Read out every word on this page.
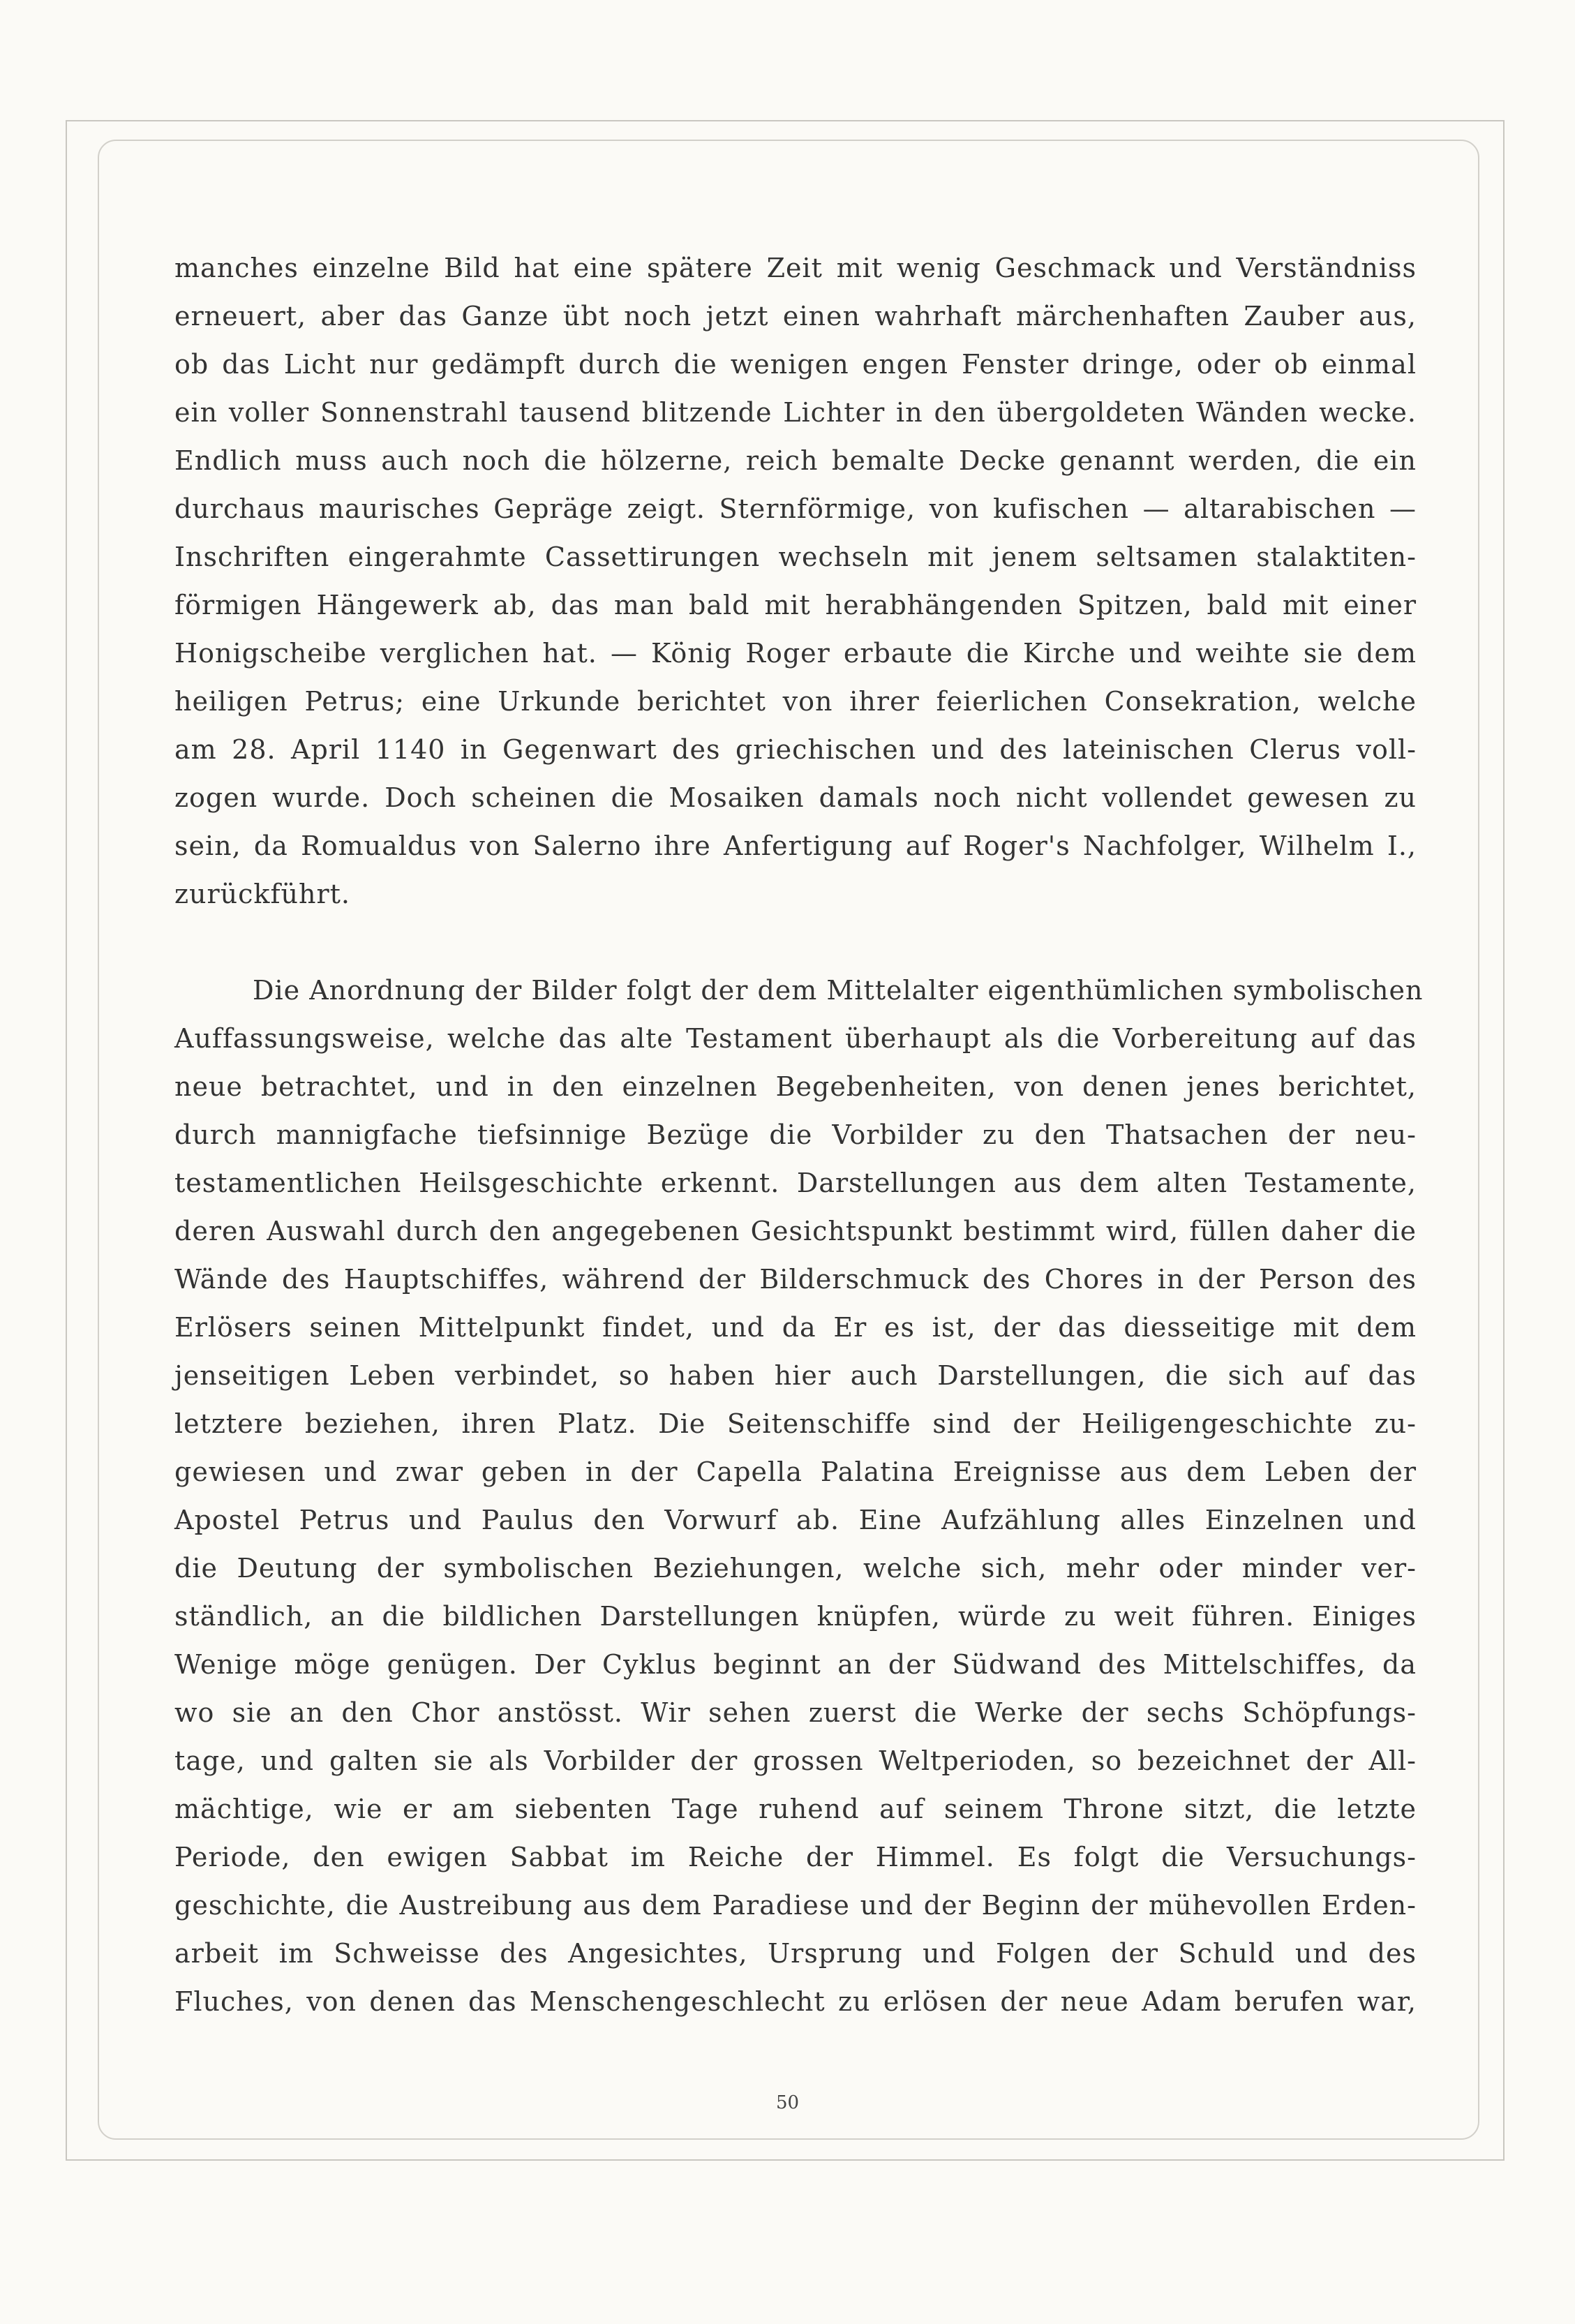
manches einzelne Bild hat eine spätere Zeit mit wenig Geschmack und Verständniss
erneuert, aber das Ganze übt noch jetzt einen wahrhaft märchenhaften Zauber aus,
ob das Licht nur gedämpft durch die wenigen engen Fenster dringe, oder ob einmal
ein voller Sonnenstrahl tausend blitzende Lichter in den übergoldeten Wänden wecke.
Endlich muss auch noch die hölzerne, reich bemalte Decke genannt werden, die ein
durchaus maurisches Gepräge zeigt. Sternförmige, von kufischen — altarabischen —
Inschriften eingerahmte Cassettirungen wechseln mit jenem seltsamen stalaktiten-
förmigen Hängewerk ab, das man bald mit herabhängenden Spitzen, bald mit einer
Honigscheibe verglichen hat. — König Roger erbaute die Kirche und weihte sie dem
heiligen Petrus; eine Urkunde berichtet von ihrer feierlichen Consekration, welche
am 28. April 1140 in Gegenwart des griechischen und des lateinischen Clerus voll-
zogen wurde. Doch scheinen die Mosaiken damals noch nicht vollendet gewesen zu
sein, da Romualdus von Salerno ihre Anfertigung auf Roger's Nachfolger, Wilhelm I.,
zurückführt.
Die Anordnung der Bilder folgt der dem Mittelalter eigenthümlichen symbolischen
Auffassungsweise, welche das alte Testament überhaupt als die Vorbereitung auf das
neue betrachtet, und in den einzelnen Begebenheiten, von denen jenes berichtet,
durch mannigfache tiefsinnige Bezüge die Vorbilder zu den Thatsachen der neu-
testamentlichen Heilsgeschichte erkennt. Darstellungen aus dem alten Testamente,
deren Auswahl durch den angegebenen Gesichtspunkt bestimmt wird, füllen daher die
Wände des Hauptschiffes, während der Bilderschmuck des Chores in der Person des
Erlösers seinen Mittelpunkt findet, und da Er es ist, der das diesseitige mit dem
jenseitigen Leben verbindet, so haben hier auch Darstellungen, die sich auf das
letztere beziehen, ihren Platz. Die Seitenschiffe sind der Heiligengeschichte zu-
gewiesen und zwar geben in der Capella Palatina Ereignisse aus dem Leben der
Apostel Petrus und Paulus den Vorwurf ab. Eine Aufzählung alles Einzelnen und
die Deutung der symbolischen Beziehungen, welche sich, mehr oder minder ver-
ständlich, an die bildlichen Darstellungen knüpfen, würde zu weit führen. Einiges
Wenige möge genügen. Der Cyklus beginnt an der Südwand des Mittelschiffes, da
wo sie an den Chor anstösst. Wir sehen zuerst die Werke der sechs Schöpfungs-
tage, und galten sie als Vorbilder der grossen Weltperioden, so bezeichnet der All-
mächtige, wie er am siebenten Tage ruhend auf seinem Throne sitzt, die letzte
Periode, den ewigen Sabbat im Reiche der Himmel. Es folgt die Versuchungs-
geschichte, die Austreibung aus dem Paradiese und der Beginn der mühevollen Erden-
arbeit im Schweisse des Angesichtes, Ursprung und Folgen der Schuld und des
Fluches, von denen das Menschengeschlecht zu erlösen der neue Adam berufen war,
50
